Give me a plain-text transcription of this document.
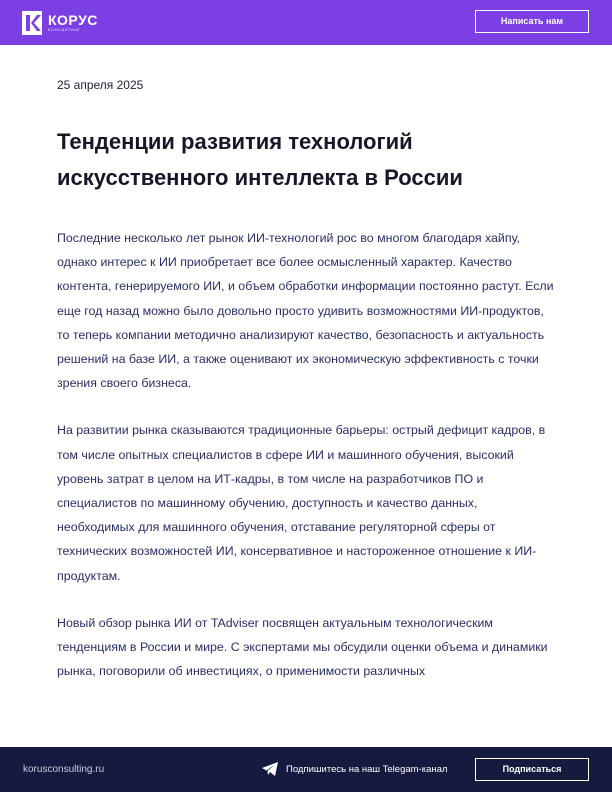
КОРУС
КОНСАЛТИНГ
Написать нам
25 апреля 2025
Тенденции развития технологий искусственного интеллекта в России

Последние несколько лет рынок ИИ-технологий рос во многом благодаря хайпу, однако интерес к ИИ приобретает все более осмысленный характер. Качество контента, генерируемого ИИ, и объем обработки информации постоянно растут. Если еще год назад можно было довольно просто удивить возможностями ИИ-продуктов, то теперь компании методично анализируют качество, безопасность и актуальность решений на базе ИИ, а также оценивают их экономическую эффективность с точки зрения своего бизнеса.

На развитии рынка сказываются традиционные барьеры: острый дефицит кадров, в том числе опытных специалистов в сфере ИИ и машинного обучения, высокий уровень затрат в целом на ИТ-кадры, в том числе на разработчиков ПО и специалистов по машинному обучению, доступность и качество данных, необходимых для машинного обучения, отставание регуляторной сферы от технических возможностей ИИ, консервативное и настороженное отношение к ИИ-продуктам.

Новый обзор рынка ИИ от TAdviser посвящен актуальным технологическим тенденциям в России и мире. С экспертами мы обсудили оценки объема и динамики рынка, поговорили об инвестициях, о применимости различных

korusconsulting.ru	Подпишитесь на наш Telegam-канал	Подписаться
